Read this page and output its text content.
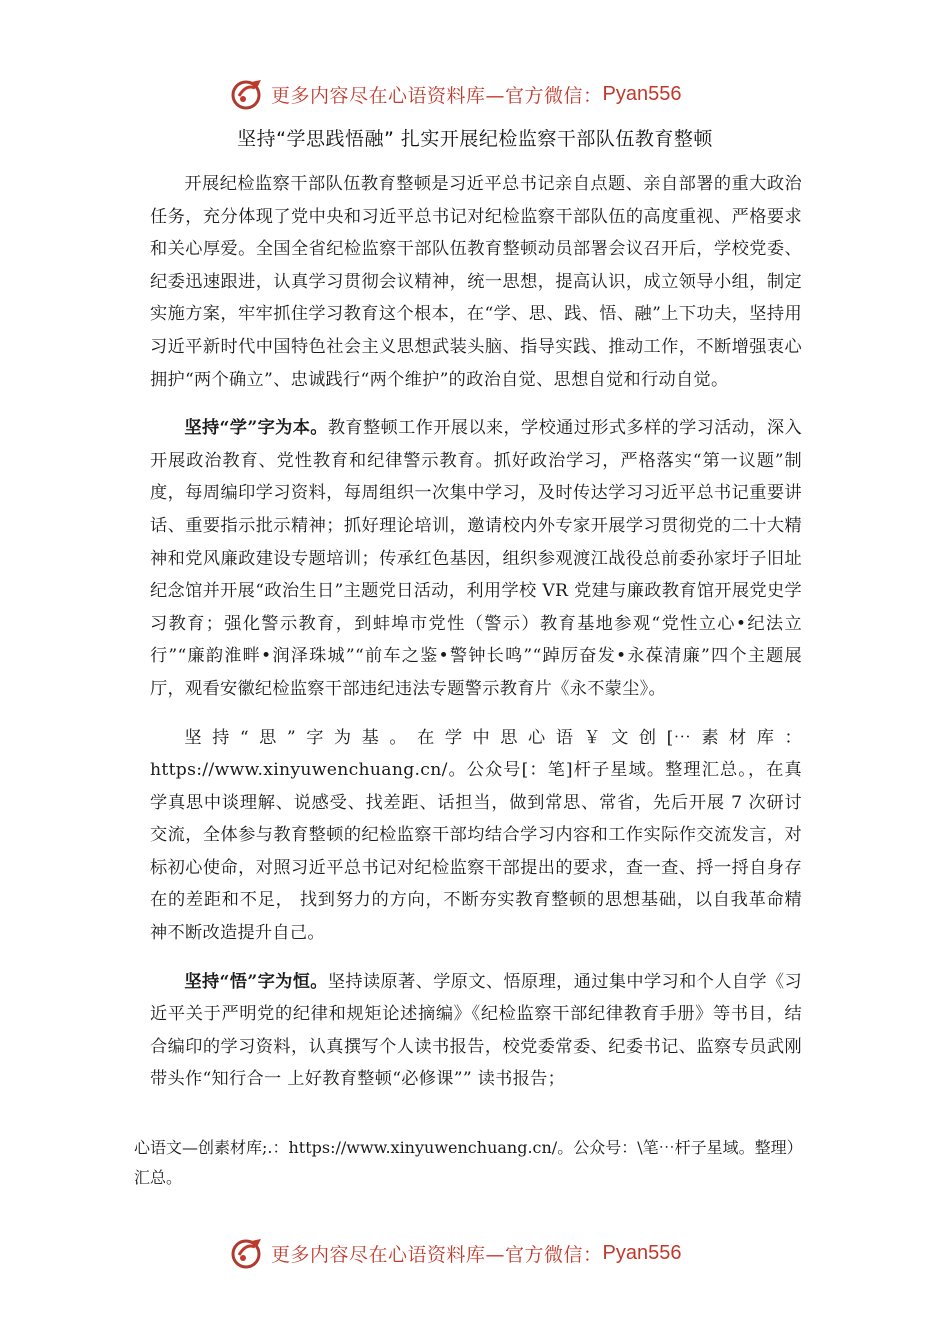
更多内容尽在心语资料库—官方微信： Pyan556
坚持“学思践悟融” 扎实开展纪检监察干部队伍教育整顿

开展纪检监察干部队伍教育整顿是习近平总书记亲自点题、亲自部署的重大政治任务，充分体现了党中央和习近平总书记对纪检监察干部队伍的高度重视、严格要求和关心厚爱。全国全省纪检监察干部队伍教育整顿动员部署会议召开后，学校党委、纪委迅速跟进，认真学习贯彻会议精神，统一思想，提高认识，成立领导小组，制定实施方案，牢牢抓住学习教育这个根本，在“学、思、践、悟、融”上下功夫，坚持用习近平新时代中国特色社会主义思想武装头脑、指导实践、推动工作，不断增强衷心拥护“两个确立”、忠诚践行“两个维护”的政治自觉、思想自觉和行动自觉。

坚持“学”字为本。教育整顿工作开展以来，学校通过形式多样的学习活动，深入开展政治教育、党性教育和纪律警示教育。抓好政治学习，严格落实“第一议题”制度，每周编印学习资料，每周组织一次集中学习，及时传达学习习近平总书记重要讲话、重要指示批示精神；抓好理论培训，邀请校内外专家开展学习贯彻党的二十大精神和党风廉政建设专题培训；传承红色基因，组织参观渡江战役总前委孙家圩子旧址纪念馆并开展“政治生日”主题党日活动，利用学校 VR 党建与廉政教育馆开展党史学习教育；强化警示教育，到蚌埠市党性（警示）教育基地参观“党性立心•纪法立行”“廉韵淮畔•润泽珠城”“前车之鉴•警钟长鸣”“踔厉奋发•永葆清廉”四个主题展厅，观看安徽纪检监察干部违纪违法专题警示教育片《永不蒙尘》。

坚持“思”字为基。在学中思心语￥文创[⋯素材库：https://www.xinyuwenchuang.cn/。公众号[：笔]杆子星域。整理汇总。，在真学真思中谈理解、说感受、找差距、话担当，做到常思、常省，先后开展 7 次研讨交流，全体参与教育整顿的纪检监察干部均结合学习内容和工作实际作交流发言，对标初心使命，对照习近平总书记对纪检监察干部提出的要求，查一查、捋一捋自身存在的差距和不足， 找到努力的方向，不断夯实教育整顿的思想基础，以自我革命精神不断改造提升自己。

坚持“悟”字为恒。坚持读原著、学原文、悟原理，通过集中学习和个人自学《习近平关于严明党的纪律和规矩论述摘编》《纪检监察干部纪律教育手册》等书目，结合编印的学习资料，认真撰写个人读书报告，校党委常委、纪委书记、监察专员武刚带头作“知行合一 上好教育整顿“必修课”” 读书报告；

心语文—创素材库;.：https://www.xinyuwenchuang.cn/。公众号：\笔⋯杆子星域。整理）汇总。
更多内容尽在心语资料库—官方微信： Pyan556
